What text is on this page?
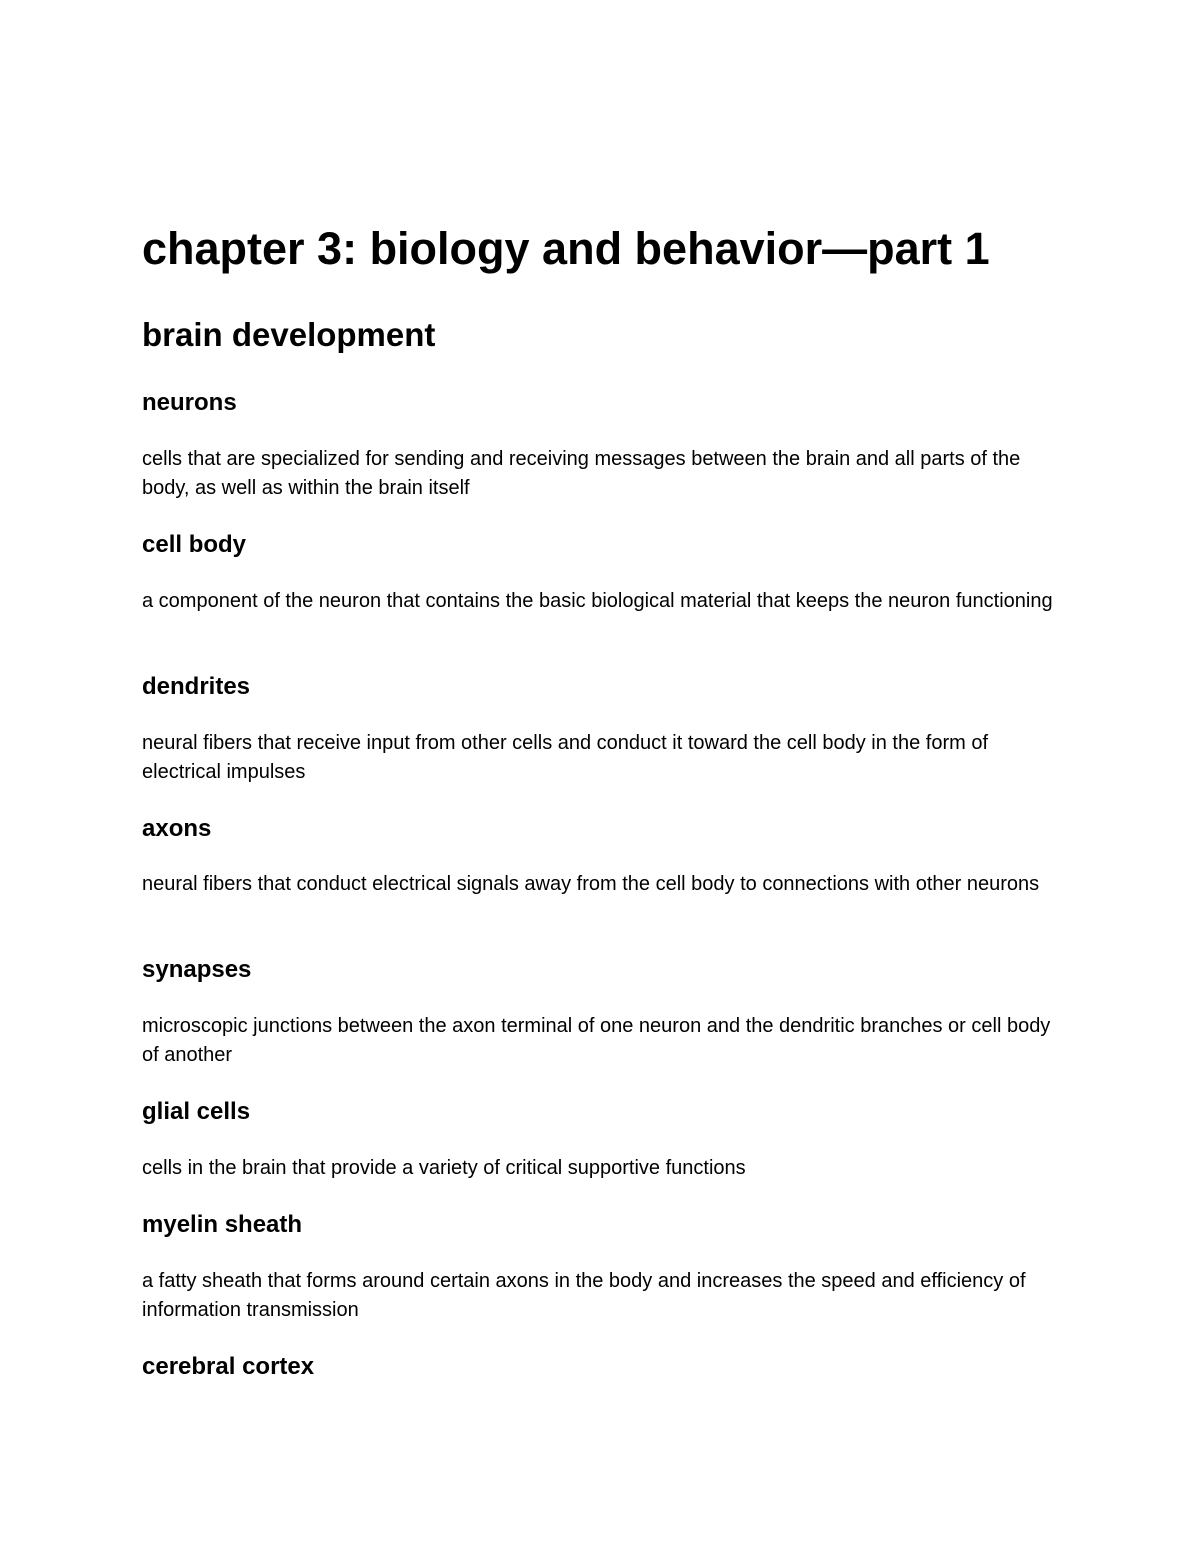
chapter 3: biology and behavior—part 1
brain development
neurons

cells that are specialized for sending and receiving messages between the brain and all parts of the body, as well as within the brain itself

cell body

a component of the neuron that contains the basic biological material that keeps the neuron functioning

dendrites

neural fibers that receive input from other cells and conduct it toward the cell body in the form of electrical impulses

axons

neural fibers that conduct electrical signals away from the cell body to connections with other neurons

synapses

microscopic junctions between the axon terminal of one neuron and the dendritic branches or cell body of another

glial cells

cells in the brain that provide a variety of critical supportive functions

myelin sheath

a fatty sheath that forms around certain axons in the body and increases the speed and efficiency of information transmission

cerebral cortex
